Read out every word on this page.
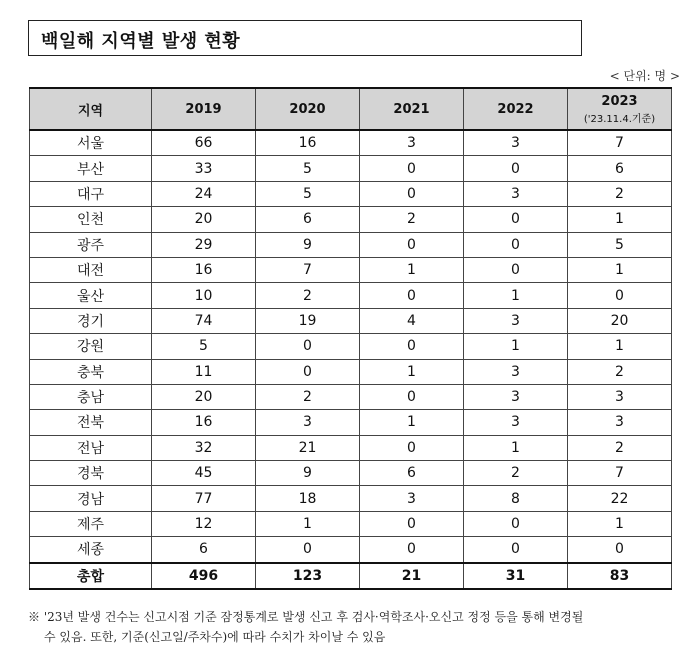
백일해 지역별 발생 현황
< 단위: 명 >
지역	2019	2020	2021	2022	2023
('23.11.4.기준)

서울	66	16	3	3	7
부산	33	5	0	0	6
대구	24	5	0	3	2
인천	20	6	2	0	1
광주	29	9	0	0	5
대전	16	7	1	0	1
울산	10	2	0	1	0
경기	74	19	4	3	20
강원	5	0	0	1	1
충북	11	0	1	3	2
충남	20	2	0	3	3
전북	16	3	1	3	3
전남	32	21	0	1	2
경북	45	9	6	2	7
경남	77	18	3	8	22
제주	12	1	0	0	1
세종	6	0	0	0	0
총합	496	123	21	31	83
※ '23년 발생 건수는 신고시점 기준 잠정통계로 발생 신고 후 검사·역학조사·오신고 정정 등을 통해 변경될
수 있음. 또한, 기준(신고일/주차수)에 따라 수치가 차이날 수 있음
